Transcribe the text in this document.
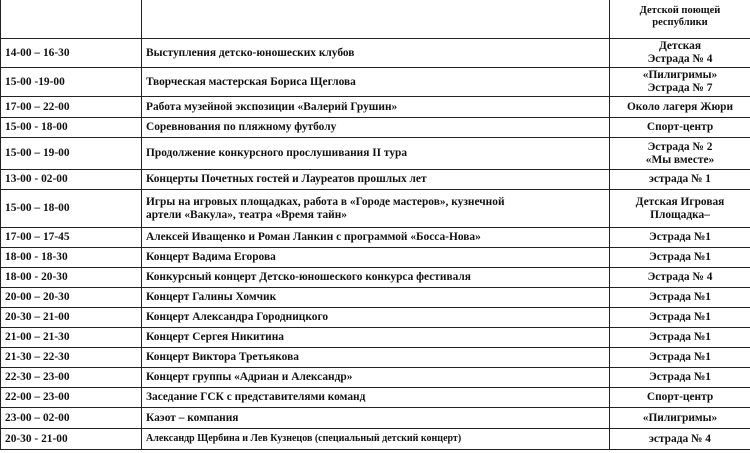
		Детской поющей
республики

14-00 – 16-30	Выступления детско-юношеских клубов	Детская
Эстрада № 4

15-00 -19-00	Творческая мастерская Бориса Щеглова	«Пилигримы»
Эстрада № 7

17-00 – 22-00	Работа музейной экспозиции «Валерий Грушин»	Около лагеря Жюри

15-00 - 18-00	Соревнования по пляжному футболу	Спорт-центр

15-00 – 19-00	Продолжение конкурсного прослушивания II тура	Эстрада № 2
«Мы вместе»

13-00 - 02-00	Концерты Почетных гостей и Лауреатов прошлых лет	эстрада № 1

15-00 – 18-00	Игры на игровых площадках, работа в «Городе мастеров», кузнечной
артели «Вакула», театра «Время тайн»	Детская Игровая
Площадка–

17-00 – 17-45	Алексей Иващенко и Роман Ланкин с программой «Босса-Нова»	Эстрада №1

18-00 - 18-30	Концерт Вадима Егорова	Эстрада №1

18-00 - 20-30	Конкурсный концерт Детско-юношеского конкурса фестиваля	Эстрада № 4

20-00 – 20-30	Концерт Галины Хомчик	Эстрада №1

20-30 – 21-00	Концерт Александра Городницкого	Эстрада №1

21-00 – 21-30	Концерт Сергея Никитина	Эстрада №1

21-30 – 22-30	Концерт Виктора Третьякова	Эстрада №1

22-30 – 23-00	Концерт группы «Адриан и Александр»	Эстрада №1

22-00 – 23-00	Заседание ГСК с представителями команд	Спорт-центр

23-00 – 02-00	Каэот – компания	«Пилигримы»

20-30 - 21-00	Александр Щербина и Лев Кузнецов (специальный детский концерт)	эстрада № 4
